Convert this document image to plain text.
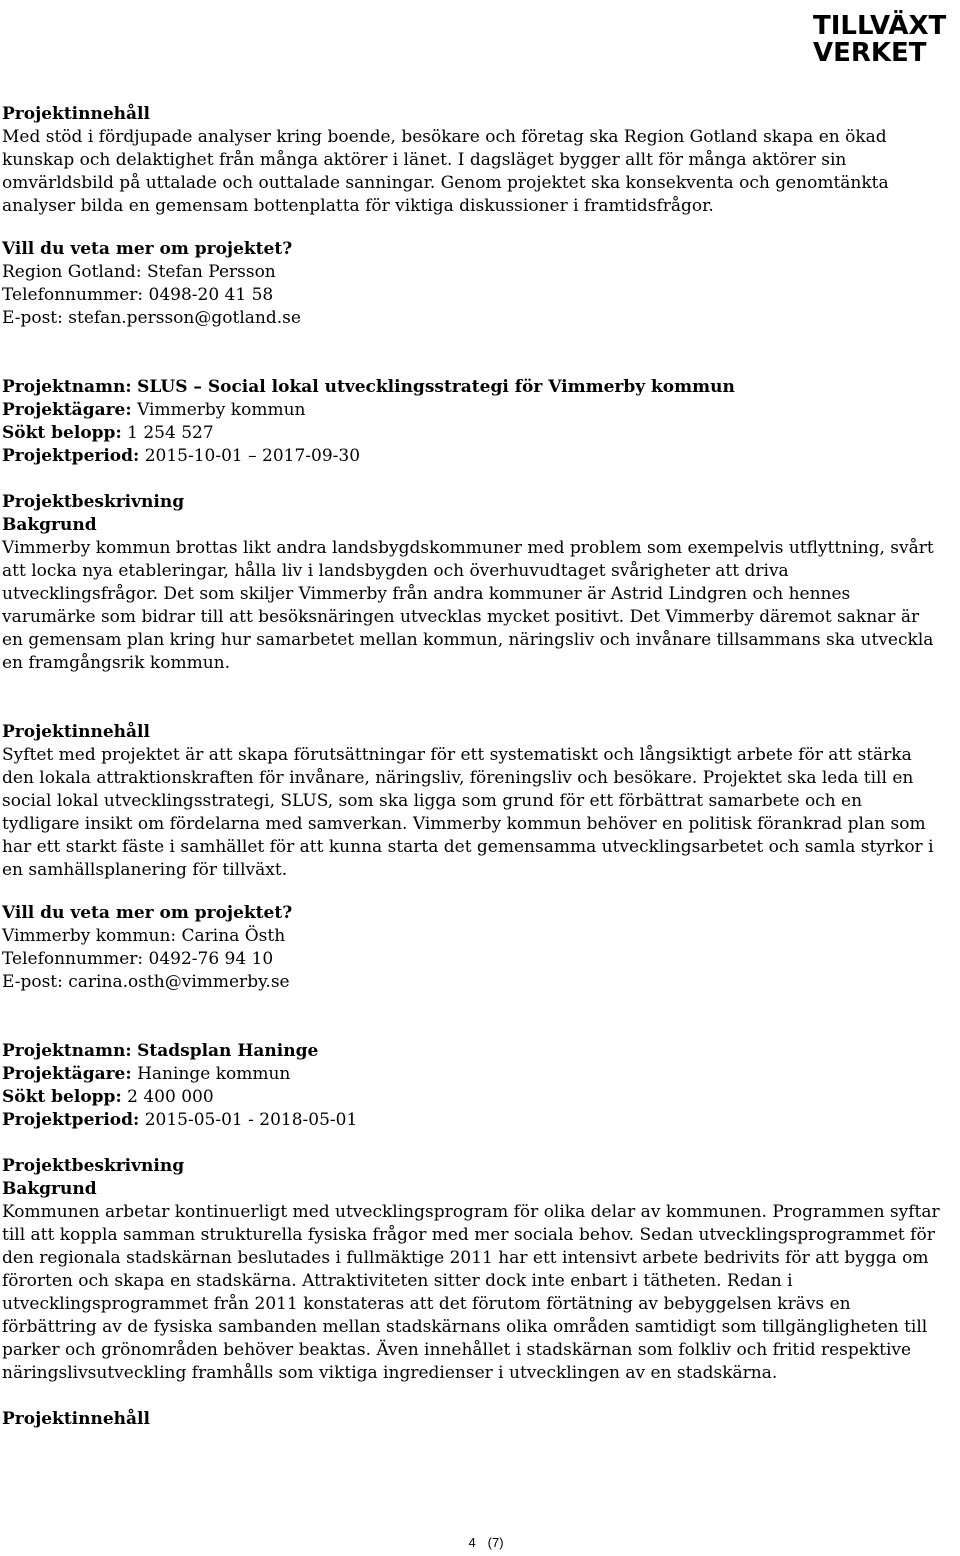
TILLVÄXT
VERKET

Projektinnehåll

Med stöd i fördjupade analyser kring boende, besökare och företag ska Region Gotland skapa en ökad kunskap och delaktighet från många aktörer i länet. I dagsläget bygger allt för många aktörer sin omvärldsbild på uttalade och outtalade sanningar. Genom projektet ska konsekventa och genomtänkta analyser bilda en gemensam bottenplatta för viktiga diskussioner i framtidsfrågor.

Vill du veta mer om projektet?

Region Gotland: Stefan Persson

Telefonnummer: 0498-20 41 58

E-post: stefan.persson@gotland.se

Projektnamn: SLUS – Social lokal utvecklingsstrategi för Vimmerby kommun

Projektägare: Vimmerby kommun

Sökt belopp: 1 254 527

Projektperiod: 2015-10-01 – 2017-09-30

Projektbeskrivning

Bakgrund

Vimmerby kommun brottas likt andra landsbygdskommuner med problem som exempelvis utflyttning, svårt att locka nya etableringar, hålla liv i landsbygden och överhuvudtaget svårigheter att driva utvecklingsfrågor. Det som skiljer Vimmerby från andra kommuner är Astrid Lindgren och hennes varumärke som bidrar till att besöksnäringen utvecklas mycket positivt. Det Vimmerby däremot saknar är en gemensam plan kring hur samarbetet mellan kommun, näringsliv och invånare tillsammans ska utveckla en framgångsrik kommun.

Projektinnehåll

Syftet med projektet är att skapa förutsättningar för ett systematiskt och långsiktigt arbete för att stärka den lokala attraktionskraften för invånare, näringsliv, föreningsliv och besökare. Projektet ska leda till en social lokal utvecklingsstrategi, SLUS, som ska ligga som grund för ett förbättrat samarbete och en tydligare insikt om fördelarna med samverkan. Vimmerby kommun behöver en politisk förankrad plan som har ett starkt fäste i samhället för att kunna starta det gemensamma utvecklingsarbetet och samla styrkor i en samhällsplanering för tillväxt.

Vill du veta mer om projektet?

Vimmerby kommun: Carina Östh

Telefonnummer: 0492-76 94 10

E-post: carina.osth@vimmerby.se

Projektnamn: Stadsplan Haninge

Projektägare: Haninge kommun

Sökt belopp: 2 400 000

Projektperiod: 2015-05-01 - 2018-05-01

Projektbeskrivning

Bakgrund

Kommunen arbetar kontinuerligt med utvecklingsprogram för olika delar av kommunen. Programmen syftar till att koppla samman strukturella fysiska frågor med mer sociala behov. Sedan utvecklingsprogrammet för den regionala stadskärnan beslutades i fullmäktige 2011 har ett intensivt arbete bedrivits för att bygga om förorten och skapa en stadskärna. Attraktiviteten sitter dock inte enbart i tätheten. Redan i utvecklingsprogrammet från 2011 konstateras att det förutom förtätning av bebyggelsen krävs en förbättring av de fysiska sambanden mellan stadskärnans olika områden samtidigt som tillgängligheten till parker och grönområden behöver beaktas. Även innehållet i stadskärnan som folkliv och fritid respektive näringslivsutveckling framhålls som viktiga ingredienser i utvecklingen av en stadskärna.

Projektinnehåll

4 (7)
